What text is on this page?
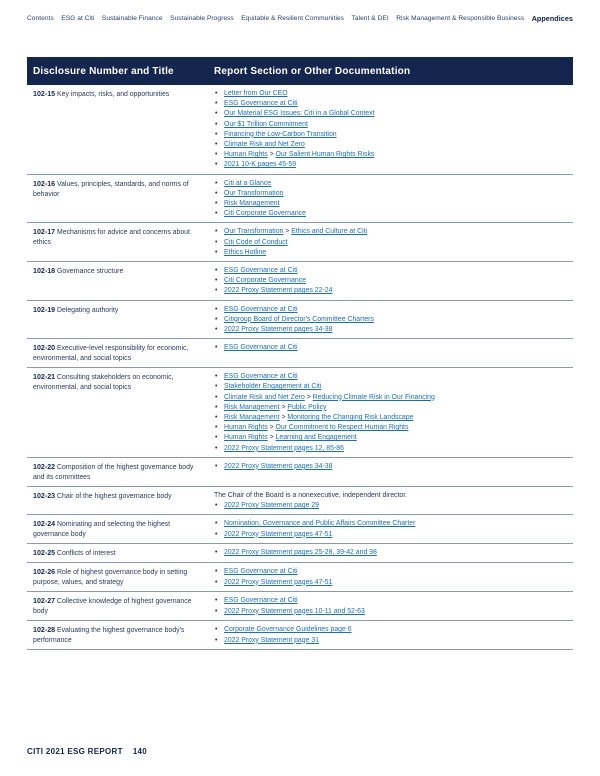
Contents ESG at Citi Sustainable Finance Sustainable Progress Equitable & Resilient Communities Talent & DEI Risk Management & Responsible Business Appendices
Disclosure Number and Title	Report Section or Other Documentation
102-15 Key impacts, risks, and opportunities	• Letter from Our CEO
• ESG Governance at Citi
• Our Material ESG Issues: Citi in a Global Context
• Our $1 Trillion Commitment
• Financing the Low-Carbon Transition
• Climate Risk and Net Zero
• Human Rights > Our Salient Human Rights Risks
• 2021 10-K pages 45-59
102-16 Values, principles, standards, and norms of behavior
• Citi at a Glance
• Our Transformation
• Risk Management
• Citi Corporate Governance
102-17 Mechanisms for advice and concerns about ethics
• Our Transformation > Ethics and Culture at Citi
• Citi Code of Conduct
• Ethics Hotline
102-18 Governance structure	• ESG Governance at Citi
• Citi Corporate Governance
• 2022 Proxy Statement pages 22-24
102-19 Delegating authority	• ESG Governance at Citi
• Citigroup Board of Director's Committee Charters
• 2022 Proxy Statement pages 34-38
102-20 Executive-level responsibility for economic, environmental, and social topics
• ESG Governance at Citi
102-21 Consulting stakeholders on economic, environmental, and social topics
• ESG Governance at Citi
• Stakeholder Engagement at Citi
• Climate Risk and Net Zero > Reducing Climate Risk in Our Financing
• Risk Management > Public Policy
• Risk Management > Monitoring the Changing Risk Landscape
• Human Rights > Our Commitment to Respect Human Rights
• Human Rights > Learning and Engagement
• 2022 Proxy Statement pages 12, 85-86
102-22 Composition of the highest governance body and its committees
• 2022 Proxy Statement pages 34-38
102-23 Chair of the highest governance body	The Chair of the Board is a nonexecutive, independent director.
• 2022 Proxy Statement page 29
102-24 Nominating and selecting the highest governance body
• Nomination, Governance and Public Affairs Committee Charter
• 2022 Proxy Statement pages 47-51
102-25 Conflicts of interest	• 2022 Proxy Statement pages 25-28, 39-42 and 98
102-26 Role of highest governance body in setting purpose, values, and strategy
• ESG Governance at Citi
• 2022 Proxy Statement pages 47-51
102-27 Collective knowledge of highest governance body
• ESG Governance at Citi
• 2022 Proxy Statement pages 10-11 and 52-63
102-28 Evaluating the highest governance body's performance
• Corporate Governance Guidelines page 6
• 2022 Proxy Statement page 31
CITI 2021 ESG REPORT 140
